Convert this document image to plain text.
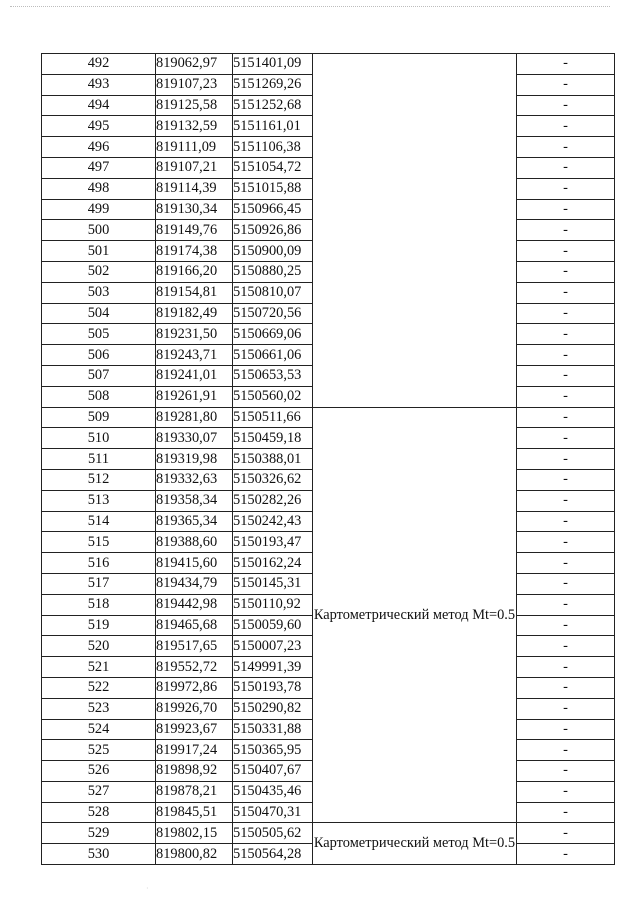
492	819062,97	5151401,09		-
493	819107,23	5151269,26		-
494	819125,58	5151252,68		-
495	819132,59	5151161,01		-
496	819111,09	5151106,38		-
497	819107,21	5151054,72		-
498	819114,39	5151015,88		-
499	819130,34	5150966,45		-
500	819149,76	5150926,86		-
501	819174,38	5150900,09		-
502	819166,20	5150880,25		-
503	819154,81	5150810,07		-
504	819182,49	5150720,56		-
505	819231,50	5150669,06		-
506	819243,71	5150661,06		-
507	819241,01	5150653,53		-
508	819261,91	5150560,02		-
509	819281,80	5150511,66	Картометрический метод Mt=0.5	-
510	819330,07	5150459,18		-
511	819319,98	5150388,01		-
512	819332,63	5150326,62		-
513	819358,34	5150282,26		-
514	819365,34	5150242,43		-
515	819388,60	5150193,47		-
516	819415,60	5150162,24		-
517	819434,79	5150145,31		-
518	819442,98	5150110,92		-
519	819465,68	5150059,60		-
520	819517,65	5150007,23		-
521	819552,72	5149991,39		-
522	819972,86	5150193,78		-
523	819926,70	5150290,82		-
524	819923,67	5150331,88		-
525	819917,24	5150365,95		-
526	819898,92	5150407,67		-
527	819878,21	5150435,46		-
528	819845,51	5150470,31		-
529	819802,15	5150505,62	Картометрический метод Mt=0.5	-
530	819800,82	5150564,28		-
·
